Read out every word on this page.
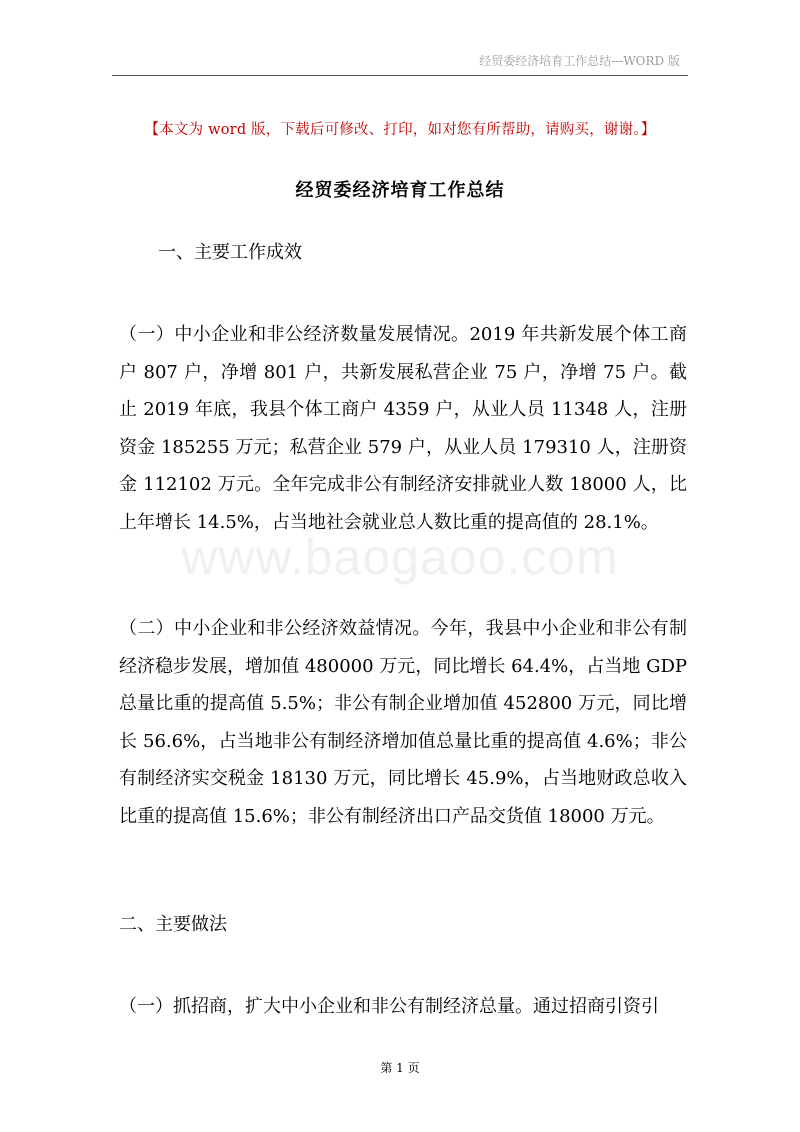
经贸委经济培育工作总结---WORD 版
www.baogaoo.com
【本文为 word 版，下载后可修改、打印，如对您有所帮助，请购买，谢谢。】
经贸委经济培育工作总结
一、主要工作成效
（一）中小企业和非公经济数量发展情况。2019 年共新发展个体工商户 807 户，净增 801 户，共新发展私营企业 75 户，净增 75 户。截止 2019 年底，我县个体工商户 4359 户，从业人员 11348 人，注册资金 185255 万元；私营企业 579 户，从业人员 179310 人，注册资金 112102 万元。全年完成非公有制经济安排就业人数 18000 人，比上年增长 14.5%，占当地社会就业总人数比重的提高值的 28.1%。
（二）中小企业和非公经济效益情况。今年，我县中小企业和非公有制经济稳步发展，增加值 480000 万元，同比增长 64.4%，占当地 GDP 总量比重的提高值 5.5%；非公有制企业增加值 452800 万元，同比增长 56.6%，占当地非公有制经济增加值总量比重的提高值 4.6%；非公有制经济实交税金 18130 万元，同比增长 45.9%，占当地财政总收入比重的提高值 15.6%；非公有制经济出口产品交货值 18000 万元。
二、主要做法
（一）抓招商，扩大中小企业和非公有制经济总量。通过招商引资引
第 1 页
